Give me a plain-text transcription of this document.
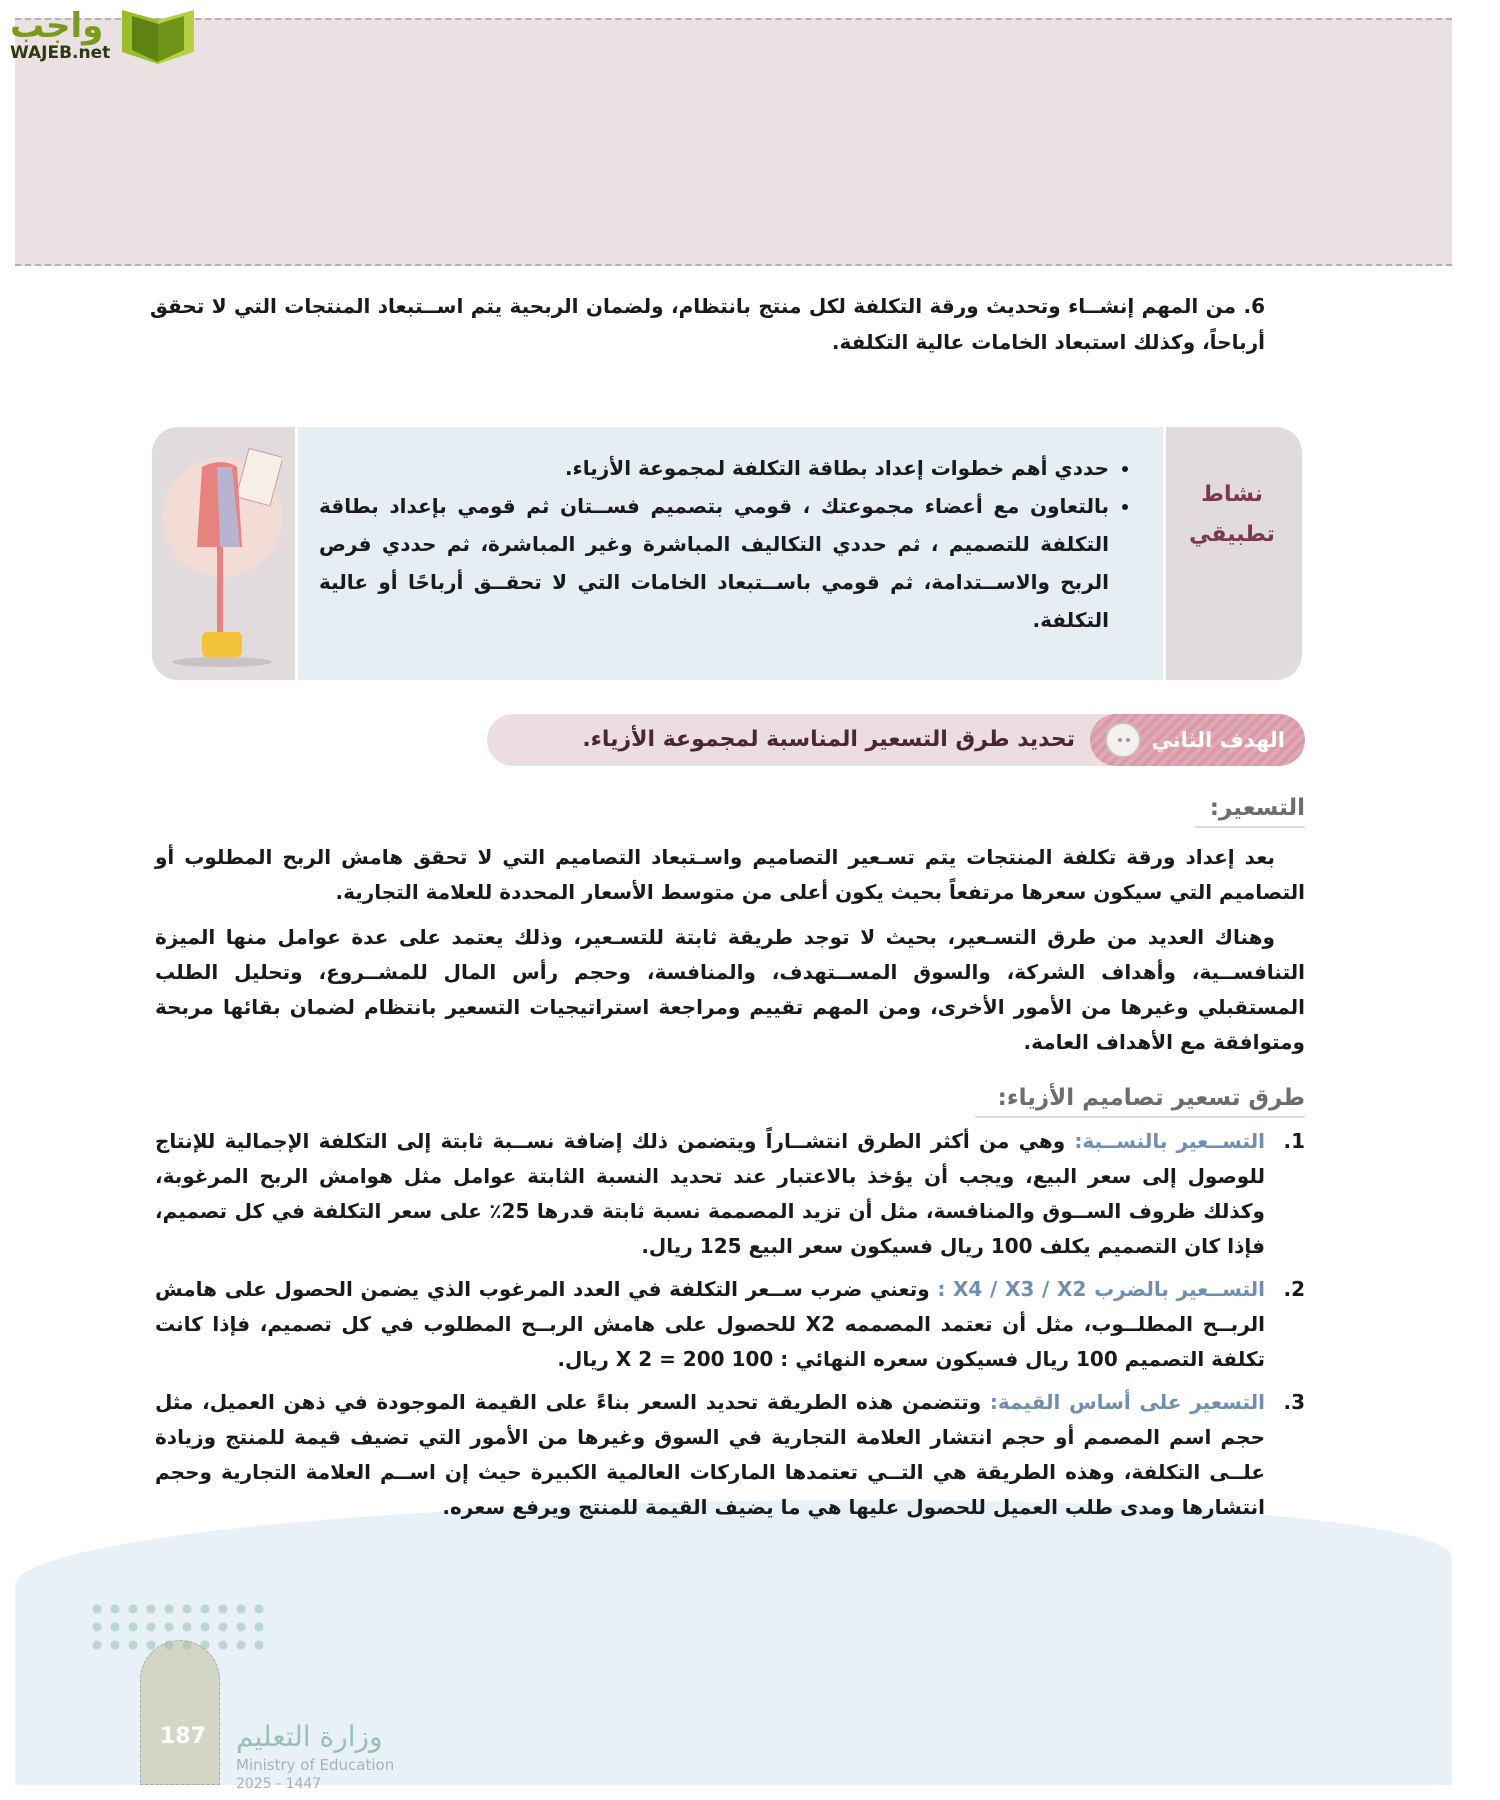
واجب
WAJEB.net
6. من المهم إنشــاء وتحديث ورقة التكلفة لكل منتج بانتظام، ولضمان الربحية يتم اســتبعاد المنتجات التي لا تحقق أرباحاً، وكذلك استبعاد الخامات عالية التكلفة.
• حددي أهم خطوات إعداد بطاقة التكلفة لمجموعة الأزياء.
• بالتعاون مع أعضاء مجموعتك ، قومي بتصميم فســتان ثم قومي بإعداد بطاقة التكلفة للتصميم ، ثم حددي التكاليف المباشرة وغير المباشرة، ثم حددي فرص الربح والاســتدامة، ثم قومي باســتبعاد الخامات التي لا تحقــق أرباحًا أو عالية التكلفة.
نشاط
تطبيقي
الهدف الثاني
تحديد طرق التسعير المناسبة لمجموعة الأزياء.
التسعير:

بعد إعداد ورقة تكلفة المنتجات يتم تسـعير التصاميم واسـتبعاد التصاميم التي لا تحقق هامش الربح المطلوب أو التصاميم التي سيكون سعرها مرتفعاً بحيث يكون أعلى من متوسط الأسعار المحددة للعلامة التجارية.

وهناك العديد من طرق التسـعير، بحيث لا توجد طريقة ثابتة للتسـعير، وذلك يعتمد على عدة عوامل منها الميزة التنافســية، وأهداف الشركة، والسوق المســتهدف، والمنافسة، وحجم رأس المال للمشــروع، وتحليل الطلب المستقبلي وغيرها من الأمور الأخرى، ومن المهم تقييم ومراجعة استراتيجيات التسعير بانتظام لضمان بقائها مربحة ومتوافقة مع الأهداف العامة.

طرق تسعير تصاميم الأزياء:
1.
التســعير بالنســبة: وهي من أكثر الطرق انتشــاراً ويتضمن ذلك إضافة نســبة ثابتة إلى التكلفة الإجمالية للإنتاج للوصول إلى سعر البيع، ويجب أن يؤخذ بالاعتبار عند تحديد النسبة الثابتة عوامل مثل هوامش الربح المرغوبة، وكذلك ظروف الســوق والمنافسة، مثل أن تزيد المصممة نسبة ثابتة قدرها 25٪ على سعر التكلفة في كل تصميم، فإذا كان التصميم يكلف 100 ريال فسيكون سعر البيع 125 ريال.
2.
التســعير بالضرب X4 / X3 / X2 : وتعني ضرب ســعر التكلفة في العدد المرغوب الذي يضمن الحصول على هامش الربــح المطلــوب، مثل أن تعتمد المصممه X2 للحصول على هامش الربــح المطلوب في كل تصميم، فإذا كانت تكلفة التصميم 100 ريال فسيكون سعره النهائي : 100 X 2 = 200 ريال.
3.
التسعير على أساس القيمة: وتتضمن هذه الطريقة تحديد السعر بناءً على القيمة الموجودة في ذهن العميل، مثل حجم اسم المصمم أو حجم انتشار العلامة التجارية في السوق وغيرها من الأمور التي تضيف قيمة للمنتج وزيادة علــى التكلفة، وهذه الطريقة هي التــي تعتمدها الماركات العالمية الكبيرة حيث إن اســم العلامة التجارية وحجم انتشارها ومدى طلب العميل للحصول عليها هي ما يضيف القيمة للمنتج ويرفع سعره.
وزارة التعليم
Ministry of Education
2025 - 1447
187
